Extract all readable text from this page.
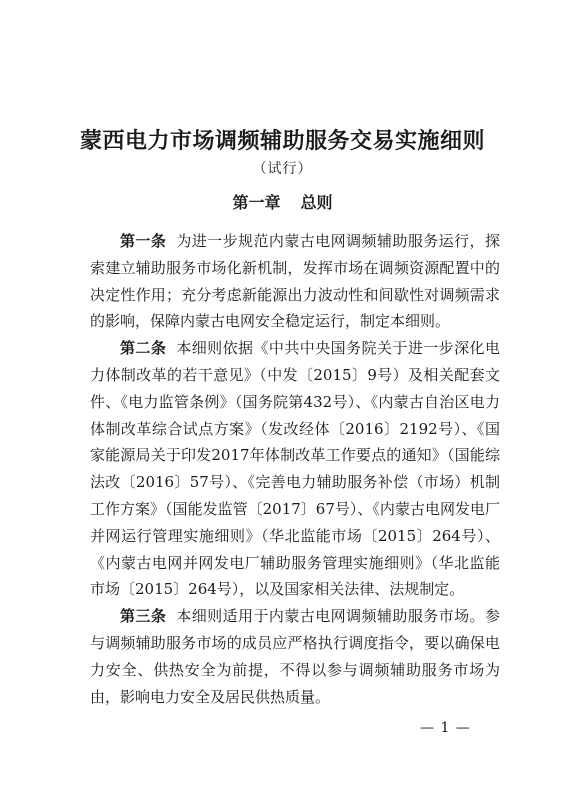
蒙西电力市场调频辅助服务交易实施细则
（试行）
第一章 总则

第一条 为进一步规范内蒙古电网调频辅助服务运行，探索建立辅助服务市场化新机制，发挥市场在调频资源配置中的决定性作用；充分考虑新能源出力波动性和间歇性对调频需求的影响，保障内蒙古电网安全稳定运行，制定本细则。

第二条 本细则依据《中共中央国务院关于进一步深化电力体制改革的若干意见》（中发〔2015〕9号）及相关配套文件、《电力监管条例》（国务院第432号）、《内蒙古自治区电力体制改革综合试点方案》（发改经体〔2016〕2192号）、《国家能源局关于印发2017年体制改革工作要点的通知》（国能综法改〔2016〕57号）、《完善电力辅助服务补偿（市场）机制工作方案》（国能发监管〔2017〕67号）、《内蒙古电网发电厂并网运行管理实施细则》（华北监能市场〔2015〕264号）、《内蒙古电网并网发电厂辅助服务管理实施细则》（华北监能市场〔2015〕264号），以及国家相关法律、法规制定。

第三条 本细则适用于内蒙古电网调频辅助服务市场。参与调频辅助服务市场的成员应严格执行调度指令，要以确保电力安全、供热安全为前提，不得以参与调频辅助服务市场为由，影响电力安全及居民供热质量。

— 1 —
